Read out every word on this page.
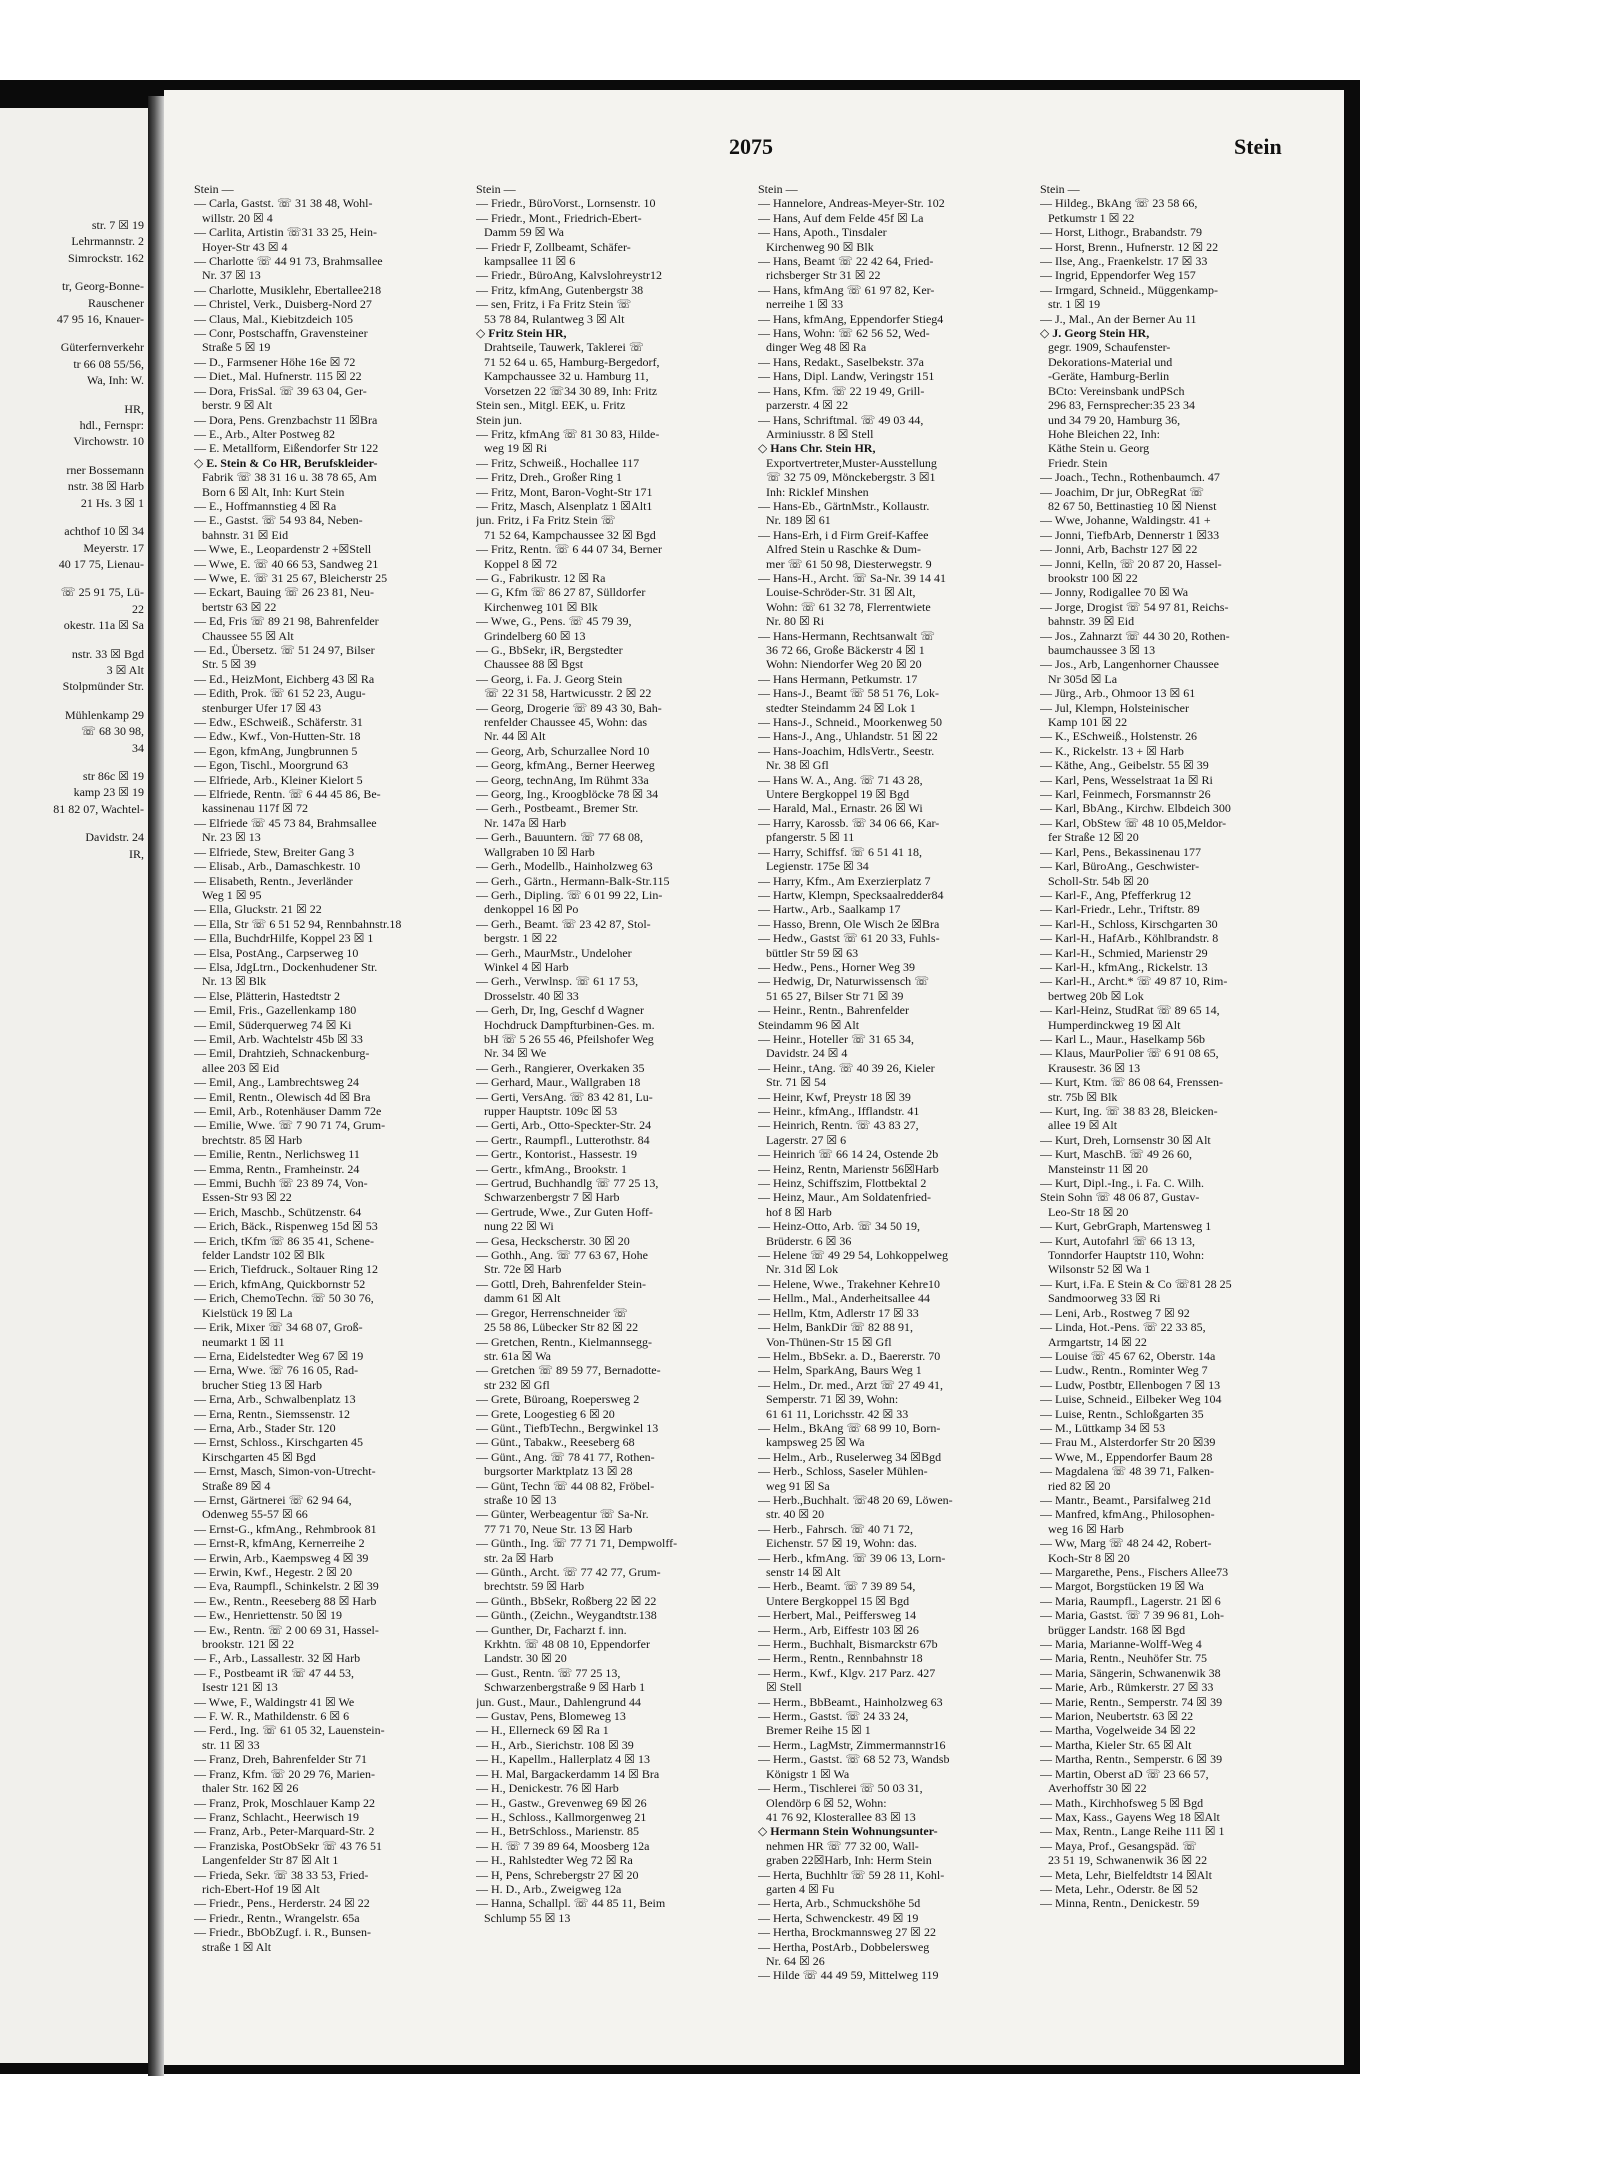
str. 7 ☒ 19
Lehrmannstr. 2
Simrockstr. 162
tr, Georg-Bonne-
Rauschener
47 95 16, Knauer-
Güterfernverkehr
tr 66 08 55/56,
Wa, Inh: W.
HR,
hdl., Fernspr:
Virchowstr. 10
rner Bossemann
nstr. 38 ☒ Harb
21 Hs. 3 ☒ 1
achthof 10 ☒ 34
Meyerstr. 17
40 17 75, Lienau-
☏ 25 91 75, Lü-
22
okestr. 11a ☒ Sa
nstr. 33 ☒ Bgd
3 ☒ Alt
Stolpmünder Str.
Mühlenkamp 29
☏ 68 30 98,
34
str 86c ☒ 19
kamp 23 ☒ 19
81 82 07, Wachtel-
Davidstr. 24
IR,
2075	Stein
Stein —
— Carla, Gastst. ☏ 31 38 48, Wohl-
willstr. 20 ☒ 4
— Carlita, Artistin ☏31 33 25, Hein-
Hoyer-Str 43 ☒ 4
— Charlotte ☏ 44 91 73, Brahmsallee
Nr. 37 ☒ 13
— Charlotte, Musiklehr, Ebertallee218
— Christel, Verk., Duisberg-Nord 27
— Claus, Mal., Kiebitzdeich 105
— Conr, Postschaffn, Gravensteiner
Straße 5 ☒ 19
— D., Farmsener Höhe 16e ☒ 72
— Diet., Mal. Hufnerstr. 115 ☒ 22
— Dora, FrisSal. ☏ 39 63 04, Ger-
berstr. 9 ☒ Alt
— Dora, Pens. Grenzbachstr 11 ☒Bra
— E., Arb., Alter Postweg 82
— E. Metallform, Eißendorfer Str 122
◇ E. Stein & Co HR, Berufskleider-
Fabrik ☏ 38 31 16 u. 38 78 65, Am
Born 6 ☒ Alt, Inh: Kurt Stein
— E., Hoffmannstieg 4 ☒ Ra
— E., Gastst. ☏ 54 93 84, Neben-
bahnstr. 31 ☒ Eid
— Wwe, E., Leopardenstr 2 +☒Stell
— Wwe, E. ☏ 40 66 53, Sandweg 21
— Wwe, E. ☏ 31 25 67, Bleicherstr 25
— Eckart, Bauing ☏ 26 23 81, Neu-
bertstr 63 ☒ 22
— Ed, Fris ☏ 89 21 98, Bahrenfelder
Chaussee 55 ☒ Alt
— Ed., Übersetz. ☏ 51 24 97, Bilser
Str. 5 ☒ 39
— Ed., HeizMont, Eichberg 43 ☒ Ra
— Edith, Prok. ☏ 61 52 23, Augu-
stenburger Ufer 17 ☒ 43
— Edw., ESchweiß., Schäferstr. 31
— Edw., Kwf., Von-Hutten-Str. 18
— Egon, kfmAng, Jungbrunnen 5
— Egon, Tischl., Moorgrund 63
— Elfriede, Arb., Kleiner Kielort 5
— Elfriede, Rentn. ☏ 6 44 45 86, Be-
kassinenau 117f ☒ 72
— Elfriede ☏ 45 73 84, Brahmsallee
Nr. 23 ☒ 13
— Elfriede, Stew, Breiter Gang 3
— Elisab., Arb., Damaschkestr. 10
— Elisabeth, Rentn., Jeverländer
Weg 1 ☒ 95
— Ella, Gluckstr. 21 ☒ 22
— Ella, Str ☏ 6 51 52 94, Rennbahnstr.18
— Ella, BuchdrHilfe, Koppel 23 ☒ 1
— Elsa, PostAng., Carpserweg 10
— Elsa, JdgLtrn., Dockenhudener Str.
Nr. 13 ☒ Blk
— Else, Plätterin, Hastedtstr 2
— Emil, Fris., Gazellenkamp 180
— Emil, Süderquerweg 74 ☒ Ki
— Emil, Arb. Wachtelstr 45b ☒ 33
— Emil, Drahtzieh, Schnackenburg-
allee 203 ☒ Eid
— Emil, Ang., Lambrechtsweg 24
— Emil, Rentn., Olewisch 4d ☒ Bra
— Emil, Arb., Rotenhäuser Damm 72e
— Emilie, Wwe. ☏ 7 90 71 74, Grum-
brechtstr. 85 ☒ Harb
— Emilie, Rentn., Nerlichsweg 11
— Emma, Rentn., Framheinstr. 24
— Emmi, Buchh ☏ 23 89 74, Von-
Essen-Str 93 ☒ 22
— Erich, Maschb., Schützenstr. 64
— Erich, Bäck., Rispenweg 15d ☒ 53
— Erich, tKfm ☏ 86 35 41, Schene-
felder Landstr 102 ☒ Blk
— Erich, Tiefdruck., Soltauer Ring 12
— Erich, kfmAng, Quickbornstr 52
— Erich, ChemoTechn. ☏ 50 30 76,
Kielstück 19 ☒ La
— Erik, Mixer ☏ 34 68 07, Groß-
neumarkt 1 ☒ 11
— Erna, Eidelstedter Weg 67 ☒ 19
— Erna, Wwe. ☏ 76 16 05, Rad-
brucher Stieg 13 ☒ Harb
— Erna, Arb., Schwalbenplatz 13
— Erna, Rentn., Siemssenstr. 12
— Erna, Arb., Stader Str. 120
— Ernst, Schloss., Kirschgarten 45
Kirschgarten 45 ☒ Bgd
— Ernst, Masch, Simon-von-Utrecht-
Straße 89 ☒ 4
— Ernst, Gärtnerei ☏ 62 94 64,
Odenweg 55-57 ☒ 66
— Ernst-G., kfmAng., Rehmbrook 81
— Ernst-R, kfmAng, Kernerreihe 2
— Erwin, Arb., Kaempsweg 4 ☒ 39
— Erwin, Kwf., Hegestr. 2 ☒ 20
— Eva, Raumpfl., Schinkelstr. 2 ☒ 39
— Ew., Rentn., Reeseberg 88 ☒ Harb
— Ew., Henriettenstr. 50 ☒ 19
— Ew., Rentn. ☏ 2 00 69 31, Hassel-
brookstr. 121 ☒ 22
— F., Arb., Lassallestr. 32 ☒ Harb
— F., Postbeamt iR ☏ 47 44 53,
Isestr 121 ☒ 13
— Wwe, F., Waldingstr 41 ☒ We
— F. W. R., Mathildenstr. 6 ☒ 6
— Ferd., Ing. ☏ 61 05 32, Lauenstein-
str. 11 ☒ 33
— Franz, Dreh, Bahrenfelder Str 71
— Franz, Kfm. ☏ 20 29 76, Marien-
thaler Str. 162 ☒ 26
— Franz, Prok, Moschlauer Kamp 22
— Franz, Schlacht., Heerwisch 19
— Franz, Arb., Peter-Marquard-Str. 2
— Franziska, PostObSekr ☏ 43 76 51
Langenfelder Str 87 ☒ Alt 1
— Frieda, Sekr. ☏ 38 33 53, Fried-
rich-Ebert-Hof 19 ☒ Alt
— Friedr., Pens., Herderstr. 24 ☒ 22
— Friedr., Rentn., Wrangelstr. 65a
— Friedr., BbObZugf. i. R., Bunsen-
straße 1 ☒ Alt
Stein —
— Friedr., BüroVorst., Lornsenstr. 10
— Friedr., Mont., Friedrich-Ebert-
Damm 59 ☒ Wa
— Friedr F, Zollbeamt, Schäfer-
kampsallee 11 ☒ 6
— Friedr., BüroAng, Kalvslohreystr12
— Fritz, kfmAng, Gutenbergstr 38
— sen, Fritz, i Fa Fritz Stein ☏
53 78 84, Rulantweg 3 ☒ Alt
◇ Fritz Stein HR,
Drahtseile, Tauwerk, Taklerei ☏
71 52 64 u. 65, Hamburg-Bergedorf,
Kampchaussee 32 u. Hamburg 11,
Vorsetzen 22 ☏34 30 89, Inh: Fritz
Stein sen., Mitgl. EEK, u. Fritz
Stein jun.
— Fritz, kfmAng ☏ 81 30 83, Hilde-
weg 19 ☒ Ri
— Fritz, Schweiß., Hochallee 117
— Fritz, Dreh., Großer Ring 1
— Fritz, Mont, Baron-Voght-Str 171
— Fritz, Masch, Alsenplatz 1 ☒Alt1
jun. Fritz, i Fa Fritz Stein ☏
71 52 64, Kampchaussee 32 ☒ Bgd
— Fritz, Rentn. ☏ 6 44 07 34, Berner
Koppel 8 ☒ 72
— G., Fabrikustr. 12 ☒ Ra
— G, Kfm ☏ 86 27 87, Sülldorfer
Kirchenweg 101 ☒ Blk
— Wwe, G., Pens. ☏ 45 79 39,
Grindelberg 60 ☒ 13
— G., BbSekr, iR, Bergstedter
Chaussee 88 ☒ Bgst
— Georg, i. Fa. J. Georg Stein
☏ 22 31 58, Hartwicusstr. 2 ☒ 22
— Georg, Drogerie ☏ 89 43 30, Bah-
renfelder Chaussee 45, Wohn: das
Nr. 44 ☒ Alt
— Georg, Arb, Schurzallee Nord 10
— Georg, kfmAng., Berner Heerweg
— Georg, technAng, Im Rühmt 33a
— Georg, Ing., Kroogblöcke 78 ☒ 34
— Gerh., Postbeamt., Bremer Str.
Nr. 147a ☒ Harb
— Gerh., Bauuntern. ☏ 77 68 08,
Wallgraben 10 ☒ Harb
— Gerh., Modellb., Hainholzweg 63
— Gerh., Gärtn., Hermann-Balk-Str.115
— Gerh., Dipling. ☏ 6 01 99 22, Lin-
denkoppel 16 ☒ Po
— Gerh., Beamt. ☏ 23 42 87, Stol-
bergstr. 1 ☒ 22
— Gerh., MaurMstr., Undeloher
Winkel 4 ☒ Harb
— Gerh., Verwlnsp. ☏ 61 17 53,
Drosselstr. 40 ☒ 33
— Gerh, Dr, Ing, Geschf d Wagner
Hochdruck Dampfturbinen-Ges. m.
bH ☏ 5 26 55 46, Pfeilshofer Weg
Nr. 34 ☒ We
— Gerh., Rangierer, Overkaken 35
— Gerhard, Maur., Wallgraben 18
— Gerti, VersAng. ☏ 83 42 81, Lu-
rupper Hauptstr. 109c ☒ 53
— Gerti, Arb., Otto-Speckter-Str. 24
— Gertr., Raumpfl., Lutterothstr. 84
— Gertr., Kontorist., Hassestr. 19
— Gertr., kfmAng., Brookstr. 1
— Gertrud, Buchhandlg ☏ 77 25 13,
Schwarzenbergstr 7 ☒ Harb
— Gertrude, Wwe., Zur Guten Hoff-
nung 22 ☒ Wi
— Gesa, Heckscherstr. 30 ☒ 20
— Gothh., Ang. ☏ 77 63 67, Hohe
Str. 72e ☒ Harb
— Gottl, Dreh, Bahrenfelder Stein-
damm 61 ☒ Alt
— Gregor, Herrenschneider ☏
25 58 86, Lübecker Str 82 ☒ 22
— Gretchen, Rentn., Kielmannsegg-
str. 61a ☒ Wa
— Gretchen ☏ 89 59 77, Bernadotte-
str 232 ☒ Gfl
— Grete, Büroang, Roepersweg 2
— Grete, Loogestieg 6 ☒ 20
— Günt., TiefbTechn., Bergwinkel 13
— Günt., Tabakw., Reeseberg 68
— Günt., Ang. ☏ 78 41 77, Rothen-
burgsorter Marktplatz 13 ☒ 28
— Günt, Techn ☏ 44 08 82, Fröbel-
straße 10 ☒ 13
— Günter, Werbeagentur ☏ Sa-Nr.
77 71 70, Neue Str. 13 ☒ Harb
— Günth., Ing. ☏ 77 71 71, Dempwolff-
str. 2a ☒ Harb
— Günth., Archt. ☏ 77 42 77, Grum-
brechtstr. 59 ☒ Harb
— Günth., BbSekr, Roßberg 22 ☒ 22
— Günth., (Zeichn., Weygandtstr.138
— Gunther, Dr, Facharzt f. inn.
Krkhtn. ☏ 48 08 10, Eppendorfer
Landstr. 30 ☒ 20
— Gust., Rentn. ☏ 77 25 13,
Schwarzenbergstraße 9 ☒ Harb 1
jun. Gust., Maur., Dahlengrund 44
— Gustav, Pens, Blomeweg 13
— H., Ellerneck 69 ☒ Ra 1
— H., Arb., Sierichstr. 108 ☒ 39
— H., Kapellm., Hallerplatz 4 ☒ 13
— H. Mal, Bargackerdamm 14 ☒ Bra
— H., Denickestr. 76 ☒ Harb
— H., Gastw., Grevenweg 69 ☒ 26
— H., Schloss., Kallmorgenweg 21
— H., BetrSchloss., Marienstr. 85
— H. ☏ 7 39 89 64, Moosberg 12a
— H., Rahlstedter Weg 72 ☒ Ra
— H, Pens, Schrebergstr 27 ☒ 20
— H. D., Arb., Zweigweg 12a
— Hanna, Schallpl. ☏ 44 85 11, Beim
Schlump 55 ☒ 13
Stein —
— Hannelore, Andreas-Meyer-Str. 102
— Hans, Auf dem Felde 45f ☒ La
— Hans, Apoth., Tinsdaler
Kirchenweg 90 ☒ Blk
— Hans, Beamt ☏ 22 42 64, Fried-
richsberger Str 31 ☒ 22
— Hans, kfmAng ☏ 61 97 82, Ker-
nerreihe 1 ☒ 33
— Hans, kfmAng, Eppendorfer Stieg4
— Hans, Wohn: ☏ 62 56 52, Wed-
dinger Weg 48 ☒ Ra
— Hans, Redakt., Saselbekstr. 37a
— Hans, Dipl. Landw, Veringstr 151
— Hans, Kfm. ☏ 22 19 49, Grill-
parzerstr. 4 ☒ 22
— Hans, Schriftmal. ☏ 49 03 44,
Arminiusstr. 8 ☒ Stell
◇ Hans Chr. Stein HR,
Exportvertreter,Muster-Ausstellung
☏ 32 75 09, Mönckebergstr. 3 ☒1
Inh: Ricklef Minshen
— Hans-Eb., GärtnMstr., Kollaustr.
Nr. 189 ☒ 61
— Hans-Erh, i d Firm Greif-Kaffee
Alfred Stein u Raschke & Dum-
mer ☏ 61 50 98, Diesterwegstr. 9
— Hans-H., Archt. ☏ Sa-Nr. 39 14 41
Louise-Schröder-Str. 31 ☒ Alt,
Wohn: ☏ 61 32 78, Flerrentwiete
Nr. 80 ☒ Ri
— Hans-Hermann, Rechtsanwalt ☏
36 72 66, Große Bäckerstr 4 ☒ 1
Wohn: Niendorfer Weg 20 ☒ 20
— Hans Hermann, Petkumstr. 17
— Hans-J., Beamt ☏ 58 51 76, Lok-
stedter Steindamm 24 ☒ Lok 1
— Hans-J., Schneid., Moorkenweg 50
— Hans-J., Ang., Uhlandstr. 51 ☒ 22
— Hans-Joachim, HdlsVertr., Seestr.
Nr. 38 ☒ Gfl
— Hans W. A., Ang. ☏ 71 43 28,
Untere Bergkoppel 19 ☒ Bgd
— Harald, Mal., Ernastr. 26 ☒ Wi
— Harry, Karossb. ☏ 34 06 66, Kar-
pfangerstr. 5 ☒ 11
— Harry, Schiffsf. ☏ 6 51 41 18,
Legienstr. 175e ☒ 34
— Harry, Kfm., Am Exerzierplatz 7
— Hartw, Klempn, Specksaalredder84
— Hartw., Arb., Saalkamp 17
— Hasso, Brenn, Ole Wisch 2e ☒Bra
— Hedw., Gastst ☏ 61 20 33, Fuhls-
büttler Str 59 ☒ 63
— Hedw., Pens., Horner Weg 39
— Hedwig, Dr, Naturwissensch ☏
51 65 27, Bilser Str 71 ☒ 39
— Heinr., Rentn., Bahrenfelder
Steindamm 96 ☒ Alt
— Heinr., Hoteller ☏ 31 65 34,
Davidstr. 24 ☒ 4
— Heinr., tAng. ☏ 40 39 26, Kieler
Str. 71 ☒ 54
— Heinr, Kwf, Preystr 18 ☒ 39
— Heinr., kfmAng., Ifflandstr. 41
— Heinrich, Rentn. ☏ 43 83 27,
Lagerstr. 27 ☒ 6
— Heinrich ☏ 66 14 24, Ostende 2b
— Heinz, Rentn, Marienstr 56☒Harb
— Heinz, Schiffszim, Flottbektal 2
— Heinz, Maur., Am Soldatenfried-
hof 8 ☒ Harb
— Heinz-Otto, Arb. ☏ 34 50 19,
Brüderstr. 6 ☒ 36
— Helene ☏ 49 29 54, Lohkoppelweg
Nr. 31d ☒ Lok
— Helene, Wwe., Trakehner Kehre10
— Hellm., Mal., Anderheitsallee 44
— Hellm, Ktm, Adlerstr 17 ☒ 33
— Helm, BankDir ☏ 82 88 91,
Von-Thünen-Str 15 ☒ Gfl
— Helm., BbSekr. a. D., Baererstr. 70
— Helm, SparkAng, Baurs Weg 1
— Helm., Dr. med., Arzt ☏ 27 49 41,
Semperstr. 71 ☒ 39, Wohn:
61 61 11, Lorichsstr. 42 ☒ 33
— Helm., BkAng ☏ 68 99 10, Born-
kampsweg 25 ☒ Wa
— Helm., Arb., Ruselerweg 34 ☒Bgd
— Herb., Schloss, Saseler Mühlen-
weg 91 ☒ Sa
— Herb.,Buchhalt. ☏48 20 69, Löwen-
str. 40 ☒ 20
— Herb., Fahrsch. ☏ 40 71 72,
Eichenstr. 57 ☒ 19, Wohn: das.
— Herb., kfmAng. ☏ 39 06 13, Lorn-
senstr 14 ☒ Alt
— Herb., Beamt. ☏ 7 39 89 54,
Untere Bergkoppel 15 ☒ Bgd
— Herbert, Mal., Peiffersweg 14
— Herm., Arb, Eiffestr 103 ☒ 26
— Herm., Buchhalt, Bismarckstr 67b
— Herm., Rentn., Rennbahnstr 18
— Herm., Kwf., Klgv. 217 Parz. 427
☒ Stell
— Herm., BbBeamt., Hainholzweg 63
— Herm., Gastst. ☏ 24 33 24,
Bremer Reihe 15 ☒ 1
— Herm., LagMstr, Zimmermannstr16
— Herm., Gastst. ☏ 68 52 73, Wandsb
Königstr 1 ☒ Wa
— Herm., Tischlerei ☏ 50 03 31,
Olendörp 6 ☒ 52, Wohn:
41 76 92, Klosterallee 83 ☒ 13
◇ Hermann Stein Wohnungsunter-
nehmen HR ☏ 77 32 00, Wall-
graben 22☒Harb, Inh: Herm Stein
— Herta, Buchhltr ☏ 59 28 11, Kohl-
garten 4 ☒ Fu
— Herta, Arb., Schmuckshöhe 5d
— Herta, Schwenckestr. 49 ☒ 19
— Hertha, Brockmannsweg 27 ☒ 22
— Hertha, PostArb., Dobbelersweg
Nr. 64 ☒ 26
— Hilde ☏ 44 49 59, Mittelweg 119
Stein —
— Hildeg., BkAng ☏ 23 58 66,
Petkumstr 1 ☒ 22
— Horst, Lithogr., Brabandstr. 79
— Horst, Brenn., Hufnerstr. 12 ☒ 22
— Ilse, Ang., Fraenkelstr. 17 ☒ 33
— Ingrid, Eppendorfer Weg 157
— Irmgard, Schneid., Müggenkamp-
str. 1 ☒ 19
— J., Mal., An der Berner Au 11
◇ J. Georg Stein HR,
gegr. 1909, Schaufenster-
Dekorations-Material und
-Geräte, Hamburg-Berlin
BCto: Vereinsbank undPSch
296 83, Fernsprecher:35 23 34
und 34 79 20, Hamburg 36,
Hohe Bleichen 22, Inh:
Käthe Stein u. Georg
Friedr. Stein
— Joach., Techn., Rothenbaumch. 47
— Joachim, Dr jur, ObRegRat ☏
82 67 50, Bettinastieg 10 ☒ Nienst
— Wwe, Johanne, Waldingstr. 41 +
— Jonni, TiefbArb, Dennerstr 1 ☒33
— Jonni, Arb, Bachstr 127 ☒ 22
— Jonni, Kelln, ☏ 20 87 20, Hassel-
brookstr 100 ☒ 22
— Jonny, Rodigallee 70 ☒ Wa
— Jorge, Drogist ☏ 54 97 81, Reichs-
bahnstr. 39 ☒ Eid
— Jos., Zahnarzt ☏ 44 30 20, Rothen-
baumchaussee 3 ☒ 13
— Jos., Arb, Langenhorner Chaussee
Nr 305d ☒ La
— Jürg., Arb., Ohmoor 13 ☒ 61
— Jul, Klempn, Holsteinischer
Kamp 101 ☒ 22
— K., ESchweiß., Holstenstr. 26
— K., Rickelstr. 13 + ☒ Harb
— Käthe, Ang., Geibelstr. 55 ☒ 39
— Karl, Pens, Wesselstraat 1a ☒ Ri
— Karl, Feinmech, Forsmannstr 26
— Karl, BbAng., Kirchw. Elbdeich 300
— Karl, ObStew ☏ 48 10 05,Meldor-
fer Straße 12 ☒ 20
— Karl, Pens., Bekassinenau 177
— Karl, BüroAng., Geschwister-
Scholl-Str. 54b ☒ 20
— Karl-F., Ang, Pfefferkrug 12
— Karl-Friedr., Lehr., Triftstr. 89
— Karl-H., Schloss, Kirschgarten 30
— Karl-H., HafArb., Köhlbrandstr. 8
— Karl-H., Schmied, Marienstr 29
— Karl-H., kfmAng., Rickelstr. 13
— Karl-H., Archt.* ☏ 49 87 10, Rim-
bertweg 20b ☒ Lok
— Karl-Heinz, StudRat ☏ 89 65 14,
Humperdinckweg 19 ☒ Alt
— Karl L., Maur., Haselkamp 56b
— Klaus, MaurPolier ☏ 6 91 08 65,
Krausestr. 36 ☒ 13
— Kurt, Ktm. ☏ 86 08 64, Frenssen-
str. 75b ☒ Blk
— Kurt, Ing. ☏ 38 83 28, Bleicken-
allee 19 ☒ Alt
— Kurt, Dreh, Lornsenstr 30 ☒ Alt
— Kurt, MaschB. ☏ 49 26 60,
Mansteinstr 11 ☒ 20
— Kurt, Dipl.-Ing., i. Fa. C. Wilh.
Stein Sohn ☏ 48 06 87, Gustav-
Leo-Str 18 ☒ 20
— Kurt, GebrGraph, Martensweg 1
— Kurt, Autofahrl ☏ 66 13 13,
Tonndorfer Hauptstr 110, Wohn:
Wilsonstr 52 ☒ Wa 1
— Kurt, i.Fa. E Stein & Co ☏81 28 25
Sandmoorweg 33 ☒ Ri
— Leni, Arb., Rostweg 7 ☒ 92
— Linda, Hot.-Pens. ☏ 22 33 85,
Armgartstr, 14 ☒ 22
— Louise ☏ 45 67 62, Oberstr. 14a
— Ludw., Rentn., Rominter Weg 7
— Ludw, Postbtr, Ellenbogen 7 ☒ 13
— Luise, Schneid., Eilbeker Weg 104
— Luise, Rentn., Schloßgarten 35
— M., Lüttkamp 34 ☒ 53
— Frau M., Alsterdorfer Str 20 ☒39
— Wwe, M., Eppendorfer Baum 28
— Magdalena ☏ 48 39 71, Falken-
ried 82 ☒ 20
— Mantr., Beamt., Parsifalweg 21d
— Manfred, kfmAng., Philosophen-
weg 16 ☒ Harb
— Ww, Marg ☏ 48 24 42, Robert-
Koch-Str 8 ☒ 20
— Margarethe, Pens., Fischers Allee73
— Margot, Borgstücken 19 ☒ Wa
— Maria, Raumpfl., Lagerstr. 21 ☒ 6
— Maria, Gastst. ☏ 7 39 96 81, Loh-
brügger Landstr. 168 ☒ Bgd
— Maria, Marianne-Wolff-Weg 4
— Maria, Rentn., Neuhöfer Str. 75
— Maria, Sängerin, Schwanenwik 38
— Marie, Arb., Rümkerstr. 27 ☒ 33
— Marie, Rentn., Semperstr. 74 ☒ 39
— Marion, Neubertstr. 63 ☒ 22
— Martha, Vogelweide 34 ☒ 22
— Martha, Kieler Str. 65 ☒ Alt
— Martha, Rentn., Semperstr. 6 ☒ 39
— Martin, Oberst aD ☏ 23 66 57,
Averhoffstr 30 ☒ 22
— Math., Kirchhofsweg 5 ☒ Bgd
— Max, Kass., Gayens Weg 18 ☒Alt
— Max, Rentn., Lange Reihe 111 ☒ 1
— Maya, Prof., Gesangspäd. ☏
23 51 19, Schwanenwik 36 ☒ 22
— Meta, Lehr, Bielfeldtstr 14 ☒Alt
— Meta, Lehr., Oderstr. 8e ☒ 52
— Minna, Rentn., Denickestr. 59
